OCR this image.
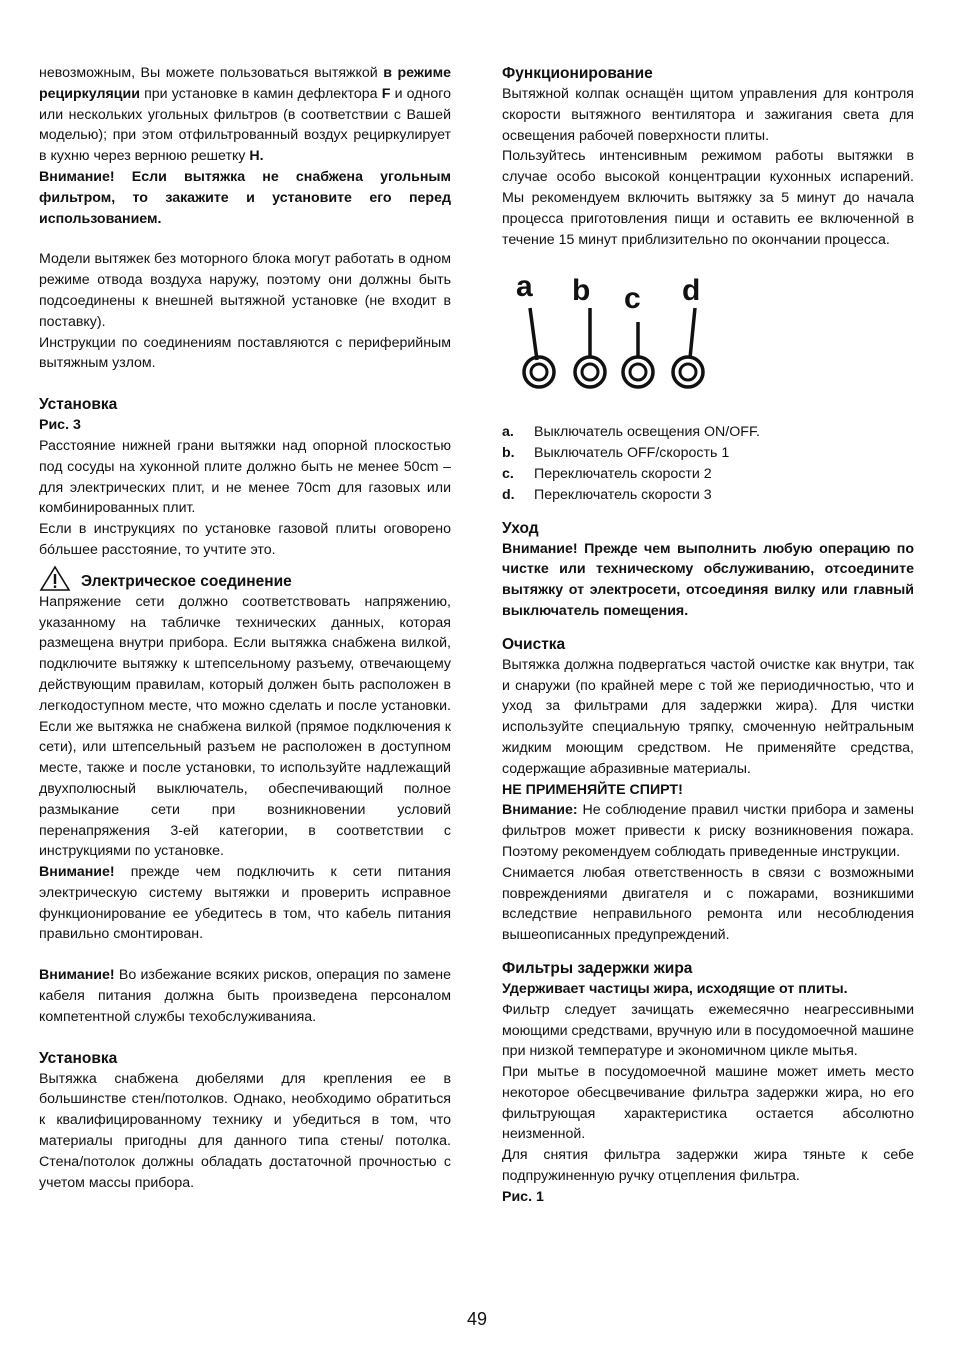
невозможным, Вы можете пользоваться вытяжкой в режиме рециркуляции при установке в камин дефлектора F и одного или нескольких угольных фильтров (в соответствии с Вашей моделью); при этом отфильтрованный воздух рециркулирует в кухню через вернюю решетку H.

Внимание! Если вытяжка не снабжена угольным фильтром, то закажите и установите его перед использованием.

Модели вытяжек без моторного блока могут работать в одном режиме отвода воздуха наружу, поэтому они должны быть подсоединены к внешней вытяжной установке (не входит в поставку).

Инструкции по соединениям поставляются с периферийным вытяжным узлом.

Установка
Рис. 3

Расстояние нижней грани вытяжки над опорной плоскостью под сосуды на хуконной плите должно быть не менее 50cm – для электрических плит, и не менее 70cm для газовых или комбинированных плит.

Если в инструкциях по установке газовой плиты оговорено бóльшее расстояние, то учтите это.

Электрическое соединение

Напряжение сети должно соответствовать напряжению, указанному на табличке технических данных, которая размещена внутри прибора. Если вытяжка снабжена вилкой, подключите вытяжку к штепсельному разъему, отвечающему действующим правилам, который должен быть расположен в легкодоступном месте, что можно сделать и после установки. Если же вытяжка не снабжена вилкой (прямое подключения к сети), или штепсельный разъем не расположен в доступном месте, также и после установки, то используйте надлежащий двухполюсный выключатель, обеспечивающий полное размыкание сети при возникновении условий перенапряжения 3-ей категории, в соответствии с инструкциями по установке.

Внимание! прежде чем подключить к сети питания электрическую систему вытяжки и проверить исправное функционирование ее убедитесь в том, что кабель питания правильно смонтирован.

Внимание! Во избежание всяких рисков, операция по замене кабеля питания должна быть произведена персоналом компетентной службы техобслуживанияа.

Установка

Вытяжка снабжена дюбелями для крепления ее в большинстве стен/потолков. Однако, необходимо обратиться к квалифицированному технику и убедиться в том, что материалы пригодны для данного типа стены/ потолка. Стена/потолок должны обладать достаточной прочностью с учетом массы прибора.

Функционирование

Вытяжной колпак оснащён щитом управления для контроля скорости вытяжного вентилятора и зажигания света для освещения рабочей поверхности плиты.

Пользуйтесь интенсивным режимом работы вытяжки в случае особо высокой концентрации кухонных испарений. Мы рекомендуем включить вытяжку за 5 минут до начала процесса приготовления пищи и оставить ее включенной в течение 15 минут приблизительно по окончании процесса.

a b c d
a.	Выключатель освещения ON/OFF.
b.	Выключатель OFF/скорость 1
c.	Переключатель скорости 2
d.	Переключатель скорости 3
Уход

Внимание! Прежде чем выполнить любую операцию по чистке или техническому обслуживанию, отсоедините вытяжку от электросети, отсоединяя вилку или главный выключатель помещения.

Очистка

Вытяжка должна подвергаться частой очистке как внутри, так и снаружи (по крайней мере с той же периодичностью, что и уход за фильтрами для задержки жира). Для чистки используйте специальную тряпку, смоченную нейтральным жидким моющим средством. Не применяйте средства, содержащие абразивные материалы.

НЕ ПРИМЕНЯЙТЕ СПИРТ!

Внимание: Не соблюдение правил чистки прибора и замены фильтров может привести к риску возникновения пожара. Поэтому рекомендуем соблюдать приведенные инструкции.

Снимается любая ответственность в связи с возможными повреждениями двигателя и с пожарами, возникшими вследствие неправильного ремонта или несоблюдения вышеописанных предупреждений.

Фильтры задержки жира
Удерживает частицы жира, исходящие от плиты.

Фильтр следует зачищать ежемесячно неагрессивными моющими средствами, вручную или в посудомоечной машине при низкой температуре и экономичном цикле мытья.

При мытье в посудомоечной машине может иметь место некоторое обесцвечивание фильтра задержки жира, но его фильтрующая характеристика остается абсолютно неизменной.

Для снятия фильтра задержки жира тяньте к себе подпружиненную ручку отцепления фильтра.

Рис. 1
49
